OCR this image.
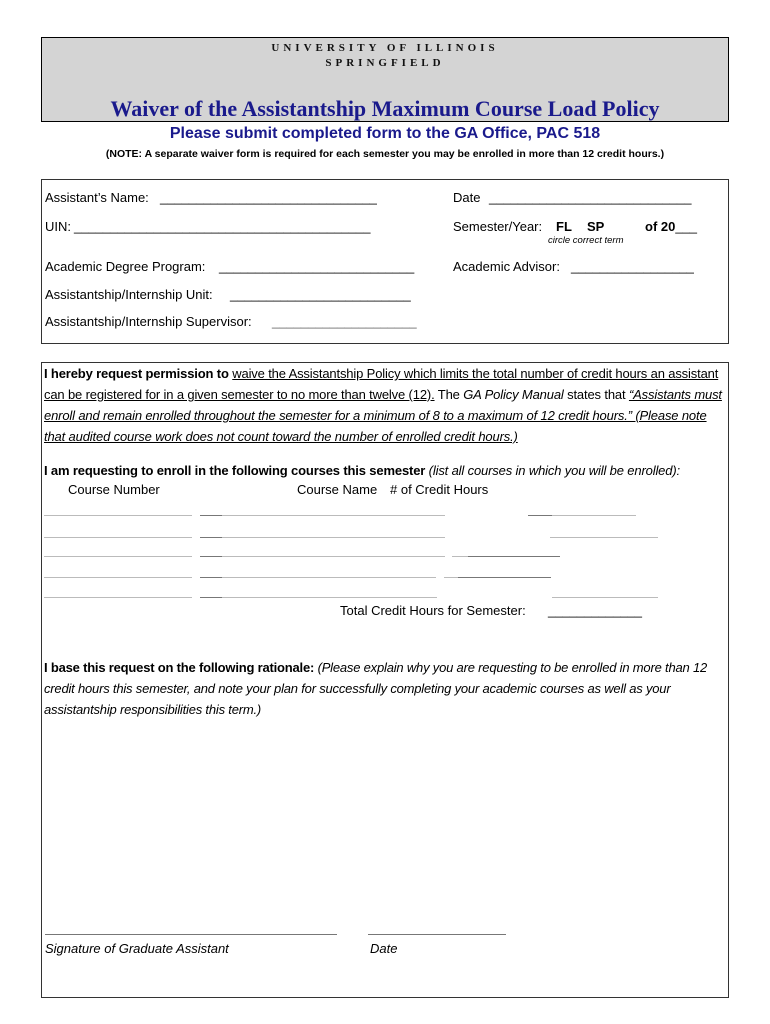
UNIVERSITY OF ILLINOIS
SPRINGFIELD
Waiver of the Assistantship Maximum Course Load Policy
Please submit completed form to the GA Office, PAC 518
(NOTE: A separate waiver form is required for each semester you may be enrolled in more than 12 credit hours.)
Assistant’s Name: ______________________________	Date ____________________________
UIN: _________________________________________	Semester/Year: FL SP	of 20___
circle correct term
Academic Degree Program: ___________________________	Academic Advisor: _________________
Assistantship/Internship Unit: _________________________
Assistantship/Internship Supervisor: ____________________
I hereby request permission to waive the Assistantship Policy which limits the total number of credit hours an assistant can be registered for in a given semester to no more than twelve (12). The GA Policy Manual states that “Assistants must enroll and remain enrolled throughout the semester for a minimum of 8 to a maximum of 12 credit hours.” (Please note that audited course work does not count toward the number of enrolled credit hours.)
I am requesting to enroll in the following courses this semester (list all courses in which you will be enrolled):
Course Number	Course Name # of Credit Hours
Total Credit Hours for Semester: _____________
I base this request on the following rationale: (Please explain why you are requesting to be enrolled in more than 12 credit hours this semester, and note your plan for successfully completing your academic courses as well as your assistantship responsibilities this term.)
Signature of Graduate Assistant	Date
